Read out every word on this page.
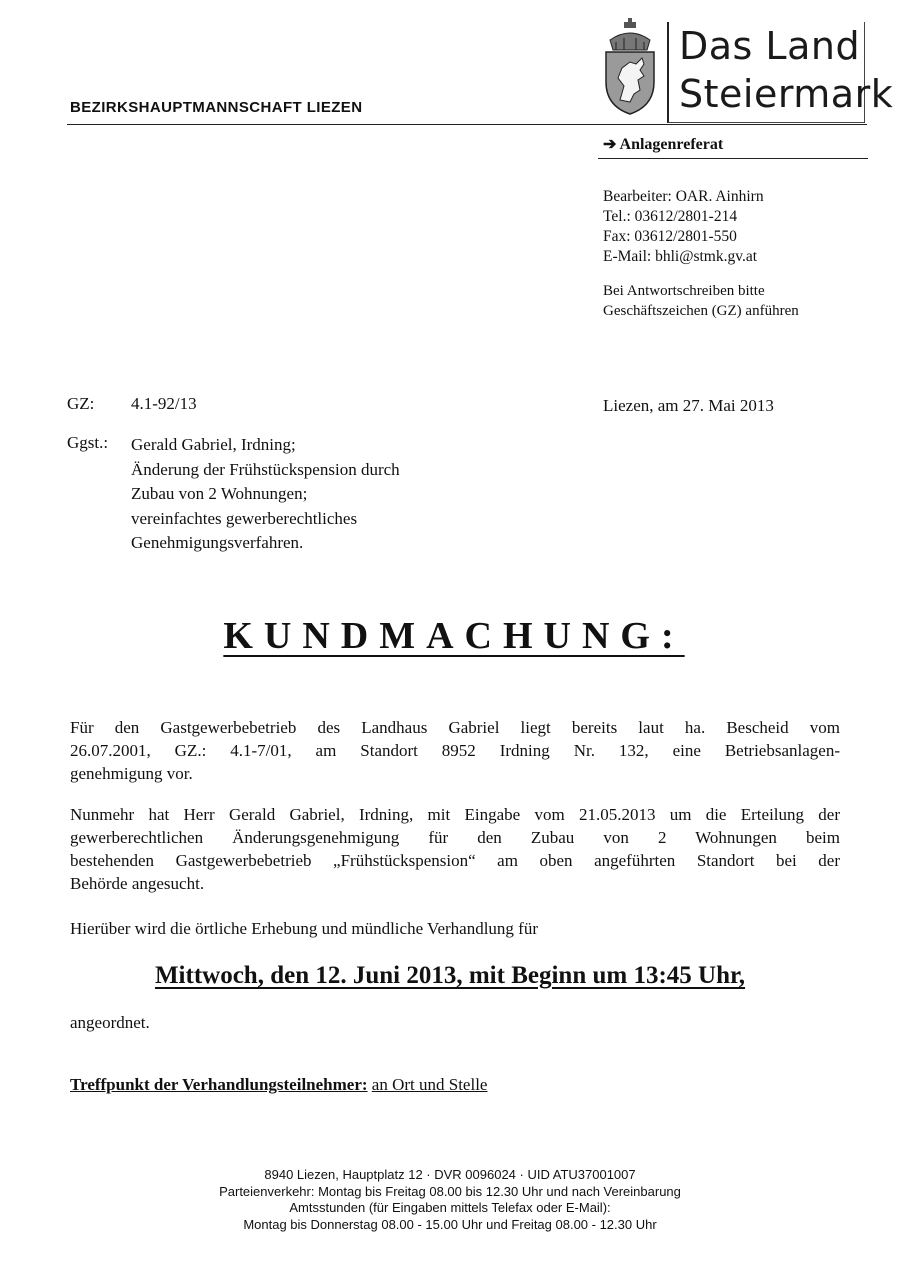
BEZIRKSHAUPTMANNSCHAFT LIEZEN
Das Land
Steiermark
➔ Anlagenreferat
Bearbeiter: OAR. Ainhirn
Tel.: 03612/2801-214
Fax: 03612/2801-550
E-Mail: bhli@stmk.gv.at
Bei Antwortschreiben bitte
Geschäftszeichen (GZ) anführen
GZ: 4.1-92/13	Liezen, am 27. Mai 2013
Ggst.: Gerald Gabriel, Irdning;
Änderung der Frühstückspension durch
Zubau von 2 Wohnungen;
vereinfachtes gewerberechtliches
Genehmigungsverfahren.
KUNDMACHUNG:
Für den Gastgewerbebetrieb des Landhaus Gabriel liegt bereits laut ha. Bescheid vom
26.07.2001, GZ.: 4.1-7/01, am Standort 8952 Irdning Nr. 132, eine Betriebsanlagen-
genehmigung vor.
Nunmehr hat Herr Gerald Gabriel, Irdning, mit Eingabe vom 21.05.2013 um die Erteilung der
gewerberechtlichen Änderungsgenehmigung für den Zubau von 2 Wohnungen beim
bestehenden Gastgewerbebetrieb „Frühstückspension“ am oben angeführten Standort bei der
Behörde angesucht.
Hierüber wird die örtliche Erhebung und mündliche Verhandlung für
Mittwoch, den 12. Juni 2013, mit Beginn um 13:45 Uhr,
angeordnet.
Treffpunkt der Verhandlungsteilnehmer: an Ort und Stelle
8940 Liezen, Hauptplatz 12 · DVR 0096024 · UID ATU37001007
Parteienverkehr: Montag bis Freitag 08.00 bis 12.30 Uhr und nach Vereinbarung
Amtsstunden (für Eingaben mittels Telefax oder E-Mail):
Montag bis Donnerstag 08.00 - 15.00 Uhr und Freitag 08.00 - 12.30 Uhr
